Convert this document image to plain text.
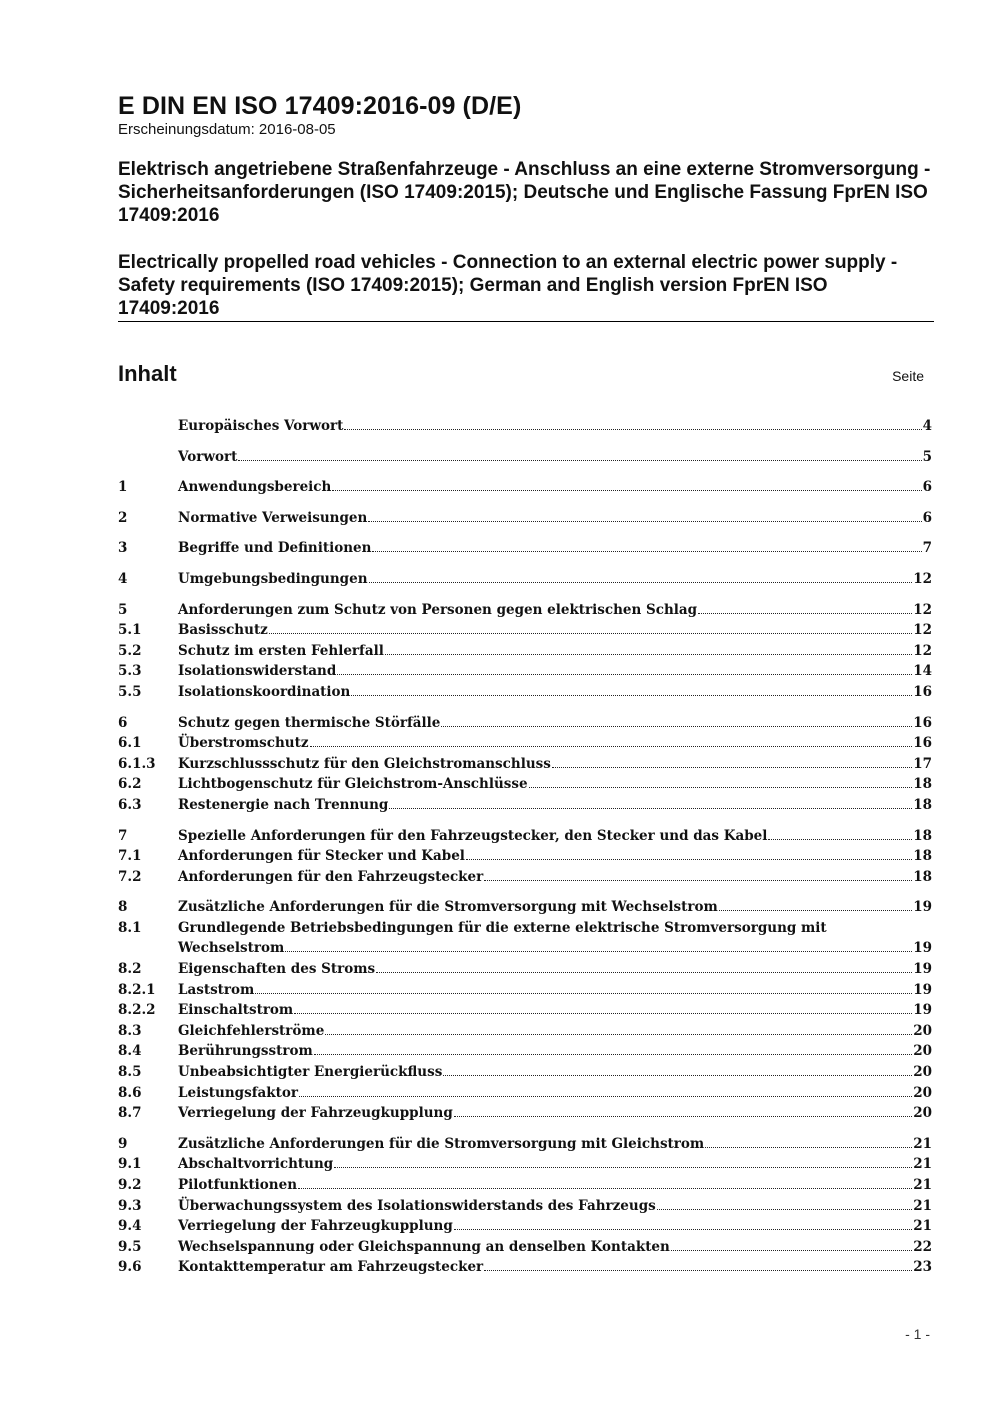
E DIN EN ISO 17409:2016-09 (D/E)

Erscheinungsdatum: 2016-08-05

Elektrisch angetriebene Straßenfahrzeuge - Anschluss an eine externe Stromversorgung - Sicherheitsanforderungen (ISO 17409:2015); Deutsche und Englische Fassung FprEN ISO 17409:2016

Electrically propelled road vehicles - Connection to an external electric power supply - Safety requirements (ISO 17409:2015); German and English version FprEN ISO 17409:2016

Inhalt	Seite
Europäisches Vorwort	4
Vorwort	5
1	Anwendungsbereich	6
2	Normative Verweisungen	6
3	Begriffe und Definitionen	7
4	Umgebungsbedingungen	12
5	Anforderungen zum Schutz von Personen gegen elektrischen Schlag	12
5.1	Basisschutz	12
5.2	Schutz im ersten Fehlerfall	12
5.3	Isolationswiderstand	14
5.5	Isolationskoordination	16
6	Schutz gegen thermische Störfälle	16
6.1	Überstromschutz	16
6.1.3	Kurzschlussschutz für den Gleichstromanschluss	17
6.2	Lichtbogenschutz für Gleichstrom-Anschlüsse	18
6.3	Restenergie nach Trennung	18
7	Spezielle Anforderungen für den Fahrzeugstecker, den Stecker und das Kabel	18
7.1	Anforderungen für Stecker und Kabel	18
7.2	Anforderungen für den Fahrzeugstecker	18
8	Zusätzliche Anforderungen für die Stromversorgung mit Wechselstrom	19
8.1	Grundlegende Betriebsbedingungen für die externe elektrische Stromversorgung mit
Wechselstrom	19
8.2	Eigenschaften des Stroms	19
8.2.1	Laststrom	19
8.2.2	Einschaltstrom	19
8.3	Gleichfehlerströme	20
8.4	Berührungsstrom	20
8.5	Unbeabsichtigter Energierückfluss	20
8.6	Leistungsfaktor	20
8.7	Verriegelung der Fahrzeugkupplung	20
9	Zusätzliche Anforderungen für die Stromversorgung mit Gleichstrom	21
9.1	Abschaltvorrichtung	21
9.2	Pilotfunktionen	21
9.3	Überwachungssystem des Isolationswiderstands des Fahrzeugs	21
9.4	Verriegelung der Fahrzeugkupplung	21
9.5	Wechselspannung oder Gleichspannung an denselben Kontakten	22
9.6	Kontakttemperatur am Fahrzeugstecker	23
- 1 -
